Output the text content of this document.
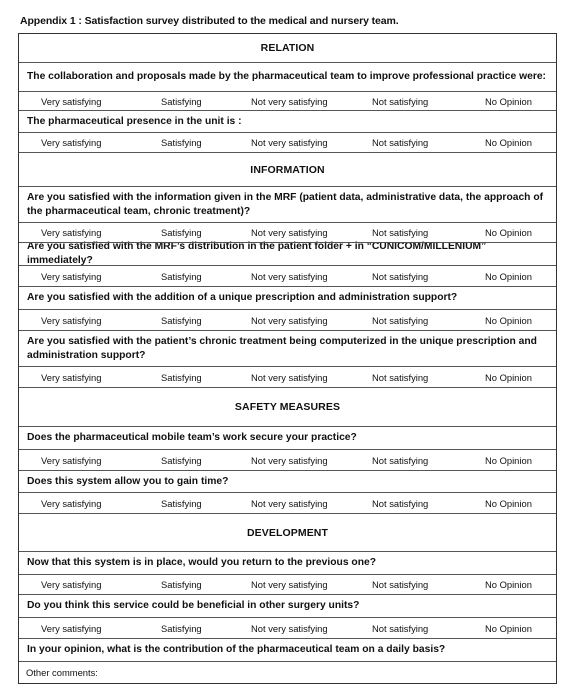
Appendix 1 : Satisfaction survey distributed to the medical and nursery team.
RELATION
The collaboration and proposals made by the pharmaceutical team to improve professional practice were:
Very satisfying	Satisfying	Not very satisfying	Not satisfying	No Opinion
The pharmaceutical presence in the unit is :
Very satisfying	Satisfying	Not very satisfying	Not satisfying	No Opinion
INFORMATION
Are you satisfied with the information given in the MRF (patient data, administrative data, the approach of the pharmaceutical team, chronic treatment)?
Very satisfying	Satisfying	Not very satisfying	Not satisfying	No Opinion
Are you satisfied with the MRF’s distribution in the patient folder + in “CUNICOM/MILLENIUM” immediately?
Very satisfying	Satisfying	Not very satisfying	Not satisfying	No Opinion
Are you satisfied with the addition of a unique prescription and administration support?
Very satisfying	Satisfying	Not very satisfying	Not satisfying	No Opinion
Are you satisfied with the patient’s chronic treatment being computerized in the unique prescription and administration support?
Very satisfying	Satisfying	Not very satisfying	Not satisfying	No Opinion
SAFETY MEASURES
Does the pharmaceutical mobile team’s work secure your practice?
Very satisfying	Satisfying	Not very satisfying	Not satisfying	No Opinion
Does this system allow you to gain time?
Very satisfying	Satisfying	Not very satisfying	Not satisfying	No Opinion
DEVELOPMENT
Now that this system is in place, would you return to the previous one?
Very satisfying	Satisfying	Not very satisfying	Not satisfying	No Opinion
Do you think this service could be beneficial in other surgery units?
Very satisfying	Satisfying	Not very satisfying	Not satisfying	No Opinion
In your opinion, what is the contribution of the pharmaceutical team on a daily basis?
Other comments:
